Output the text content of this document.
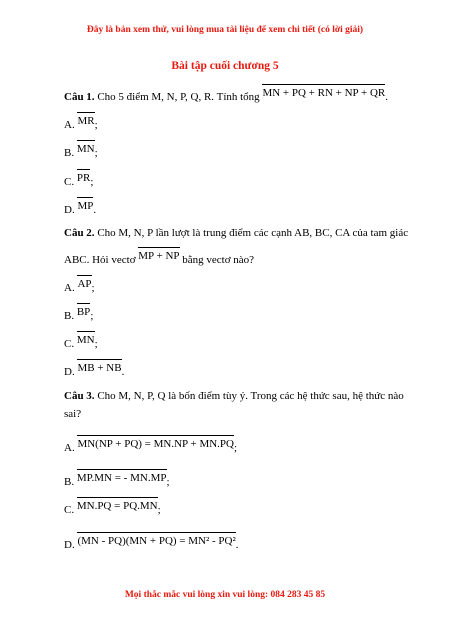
Đây là bản xem thử, vui lòng mua tài liệu để xem chi tiết (có lời giải)
Bài tập cuối chương 5
Câu 1. Cho 5 điểm M, N, P, Q, R. Tính tổng MN + PQ + RN + NP + QR.
A. MR;
B. MN;
C. PR;
D. MP.
Câu 2. Cho M, N, P lần lượt là trung điểm các cạnh AB, BC, CA của tam giác
ABC. Hỏi vectơ MP + NP bằng vectơ nào?
A. AP;
B. BP;
C. MN;
D. MB + NB.
Câu 3. Cho M, N, P, Q là bốn điểm tùy ý. Trong các hệ thức sau, hệ thức nào
sai?
A. MN(NP + PQ) = MN.NP + MN.PQ;
B. MP.MN = - MN.MP;
C. MN.PQ = PQ.MN;
D. (MN - PQ)(MN + PQ) = MN² - PQ².
Mọi thắc mắc vui lòng xin vui lòng: 084 283 45 85
